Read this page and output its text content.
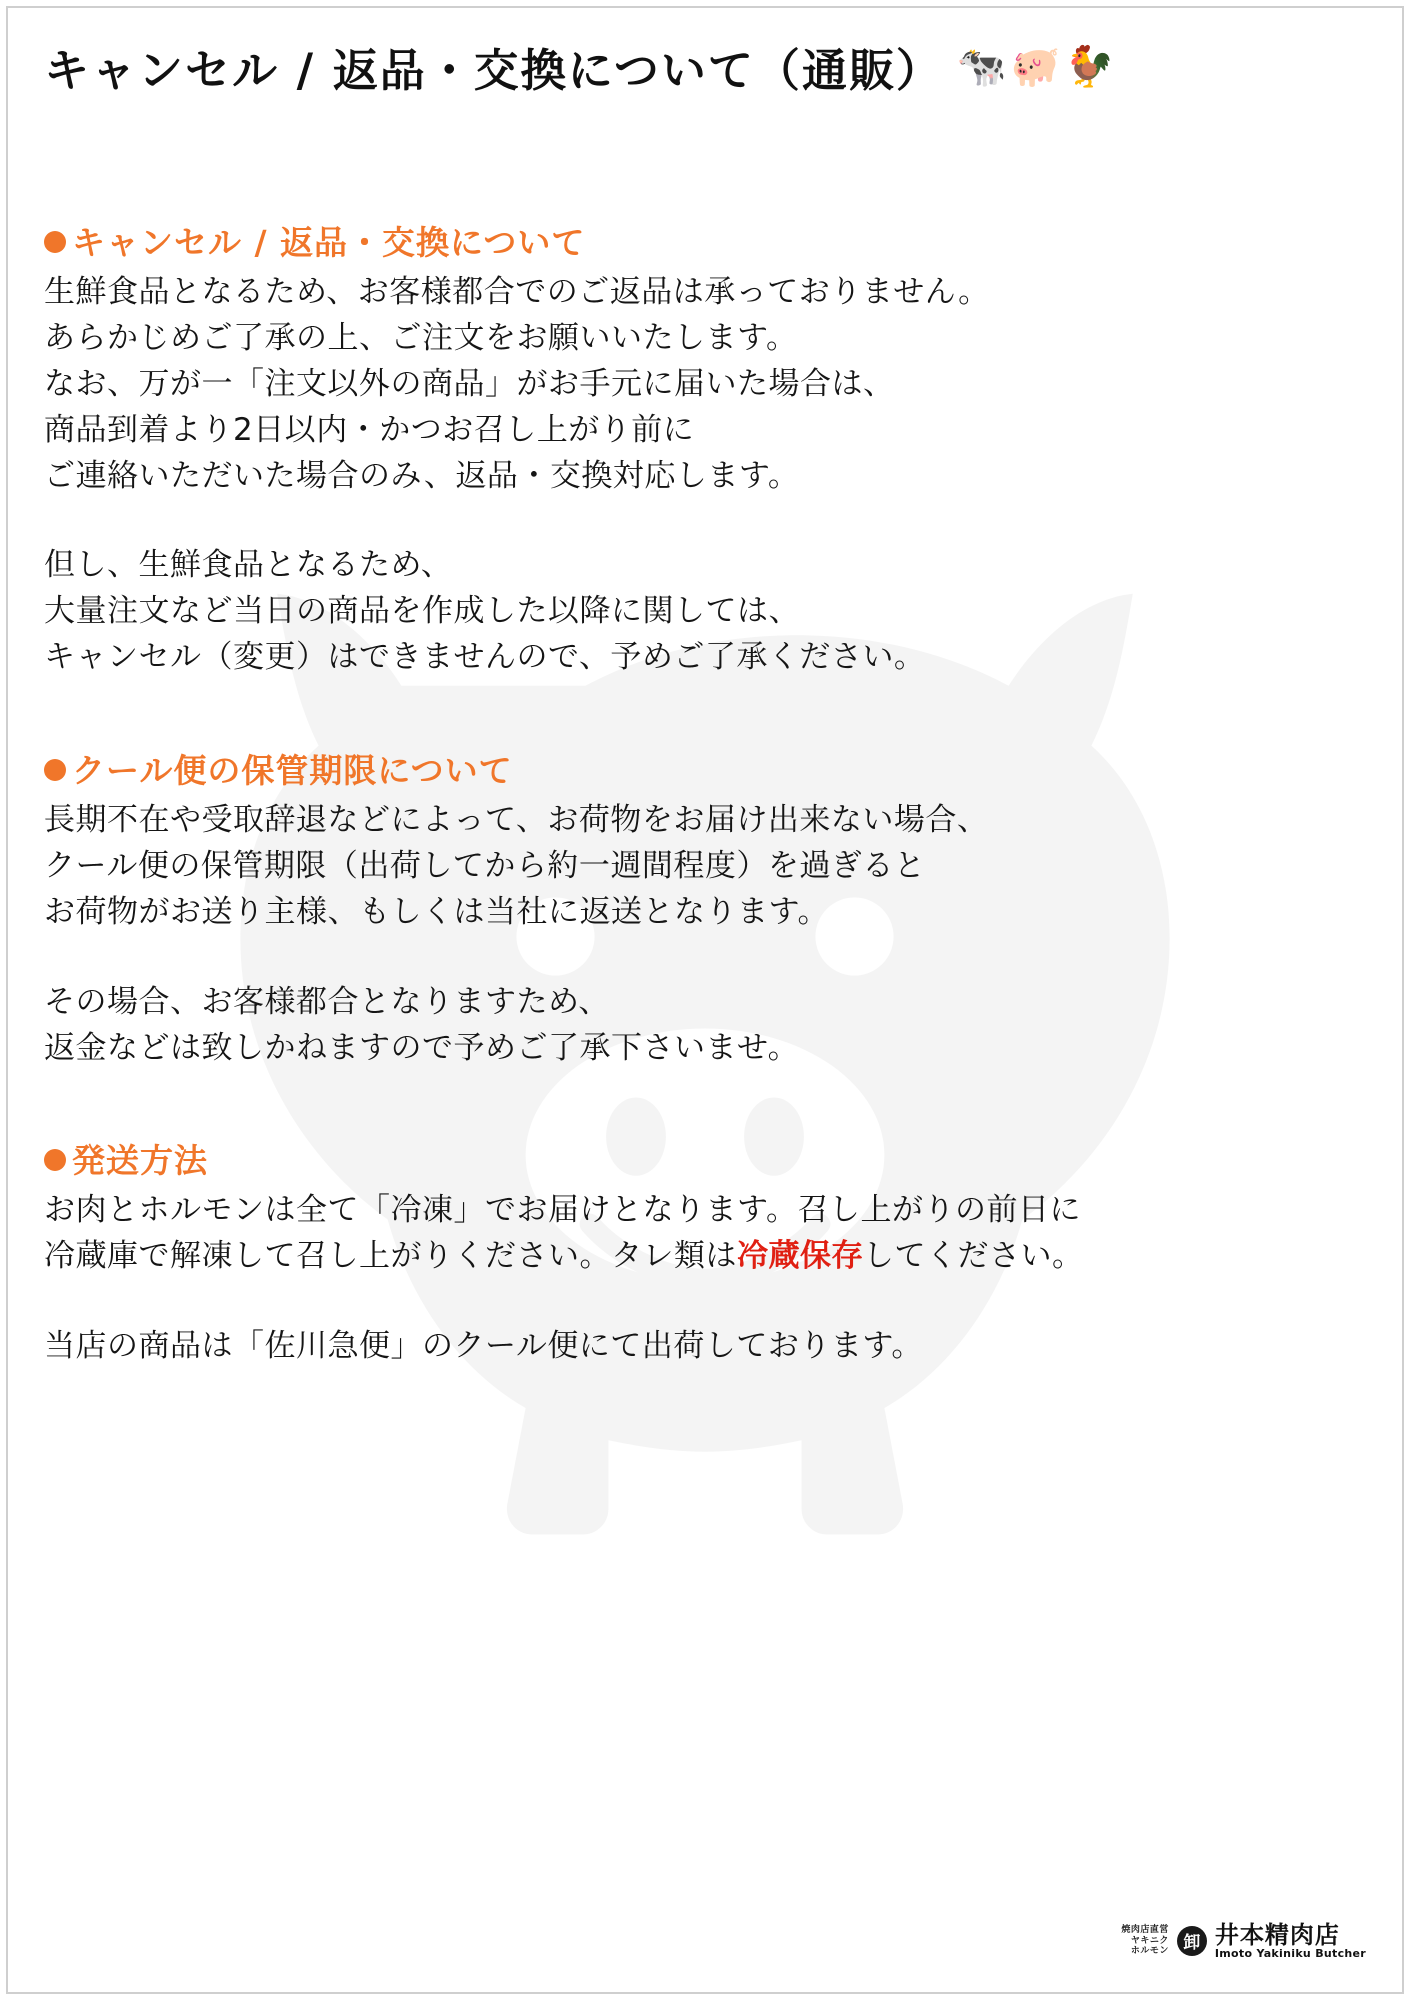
キャンセル / 返品・交換について（通販） 🐄🐖🐓
キャンセル / 返品・交換について

生鮮食品となるため、お客様都合でのご返品は承っておりません。
あらかじめご了承の上、ご注文をお願いいたします。
なお、万が一「注文以外の商品」がお手元に届いた場合は、
商品到着より2日以内・かつお召し上がり前に
ご連絡いただいた場合のみ、返品・交換対応します。

但し、生鮮食品となるため、
大量注文など当日の商品を作成した以降に関しては、
キャンセル（変更）はできませんので、予めご了承ください。

クール便の保管期限について

長期不在や受取辞退などによって、お荷物をお届け出来ない場合、
クール便の保管期限（出荷してから約一週間程度）を過ぎると
お荷物がお送り主様、もしくは当社に返送となります。

その場合、お客様都合となりますため、
返金などは致しかねますので予めご了承下さいませ。

発送方法

お肉とホルモンは全て「冷凍」でお届けとなります。召し上がりの前日に
冷蔵庫で解凍して召し上がりください。タレ類は冷蔵保存してください。

当店の商品は「佐川急便」のクール便にて出荷しております。

焼肉店直営
ヤキニク
ホルモン 卸 井本精肉店
Imoto Yakiniku Butcher
